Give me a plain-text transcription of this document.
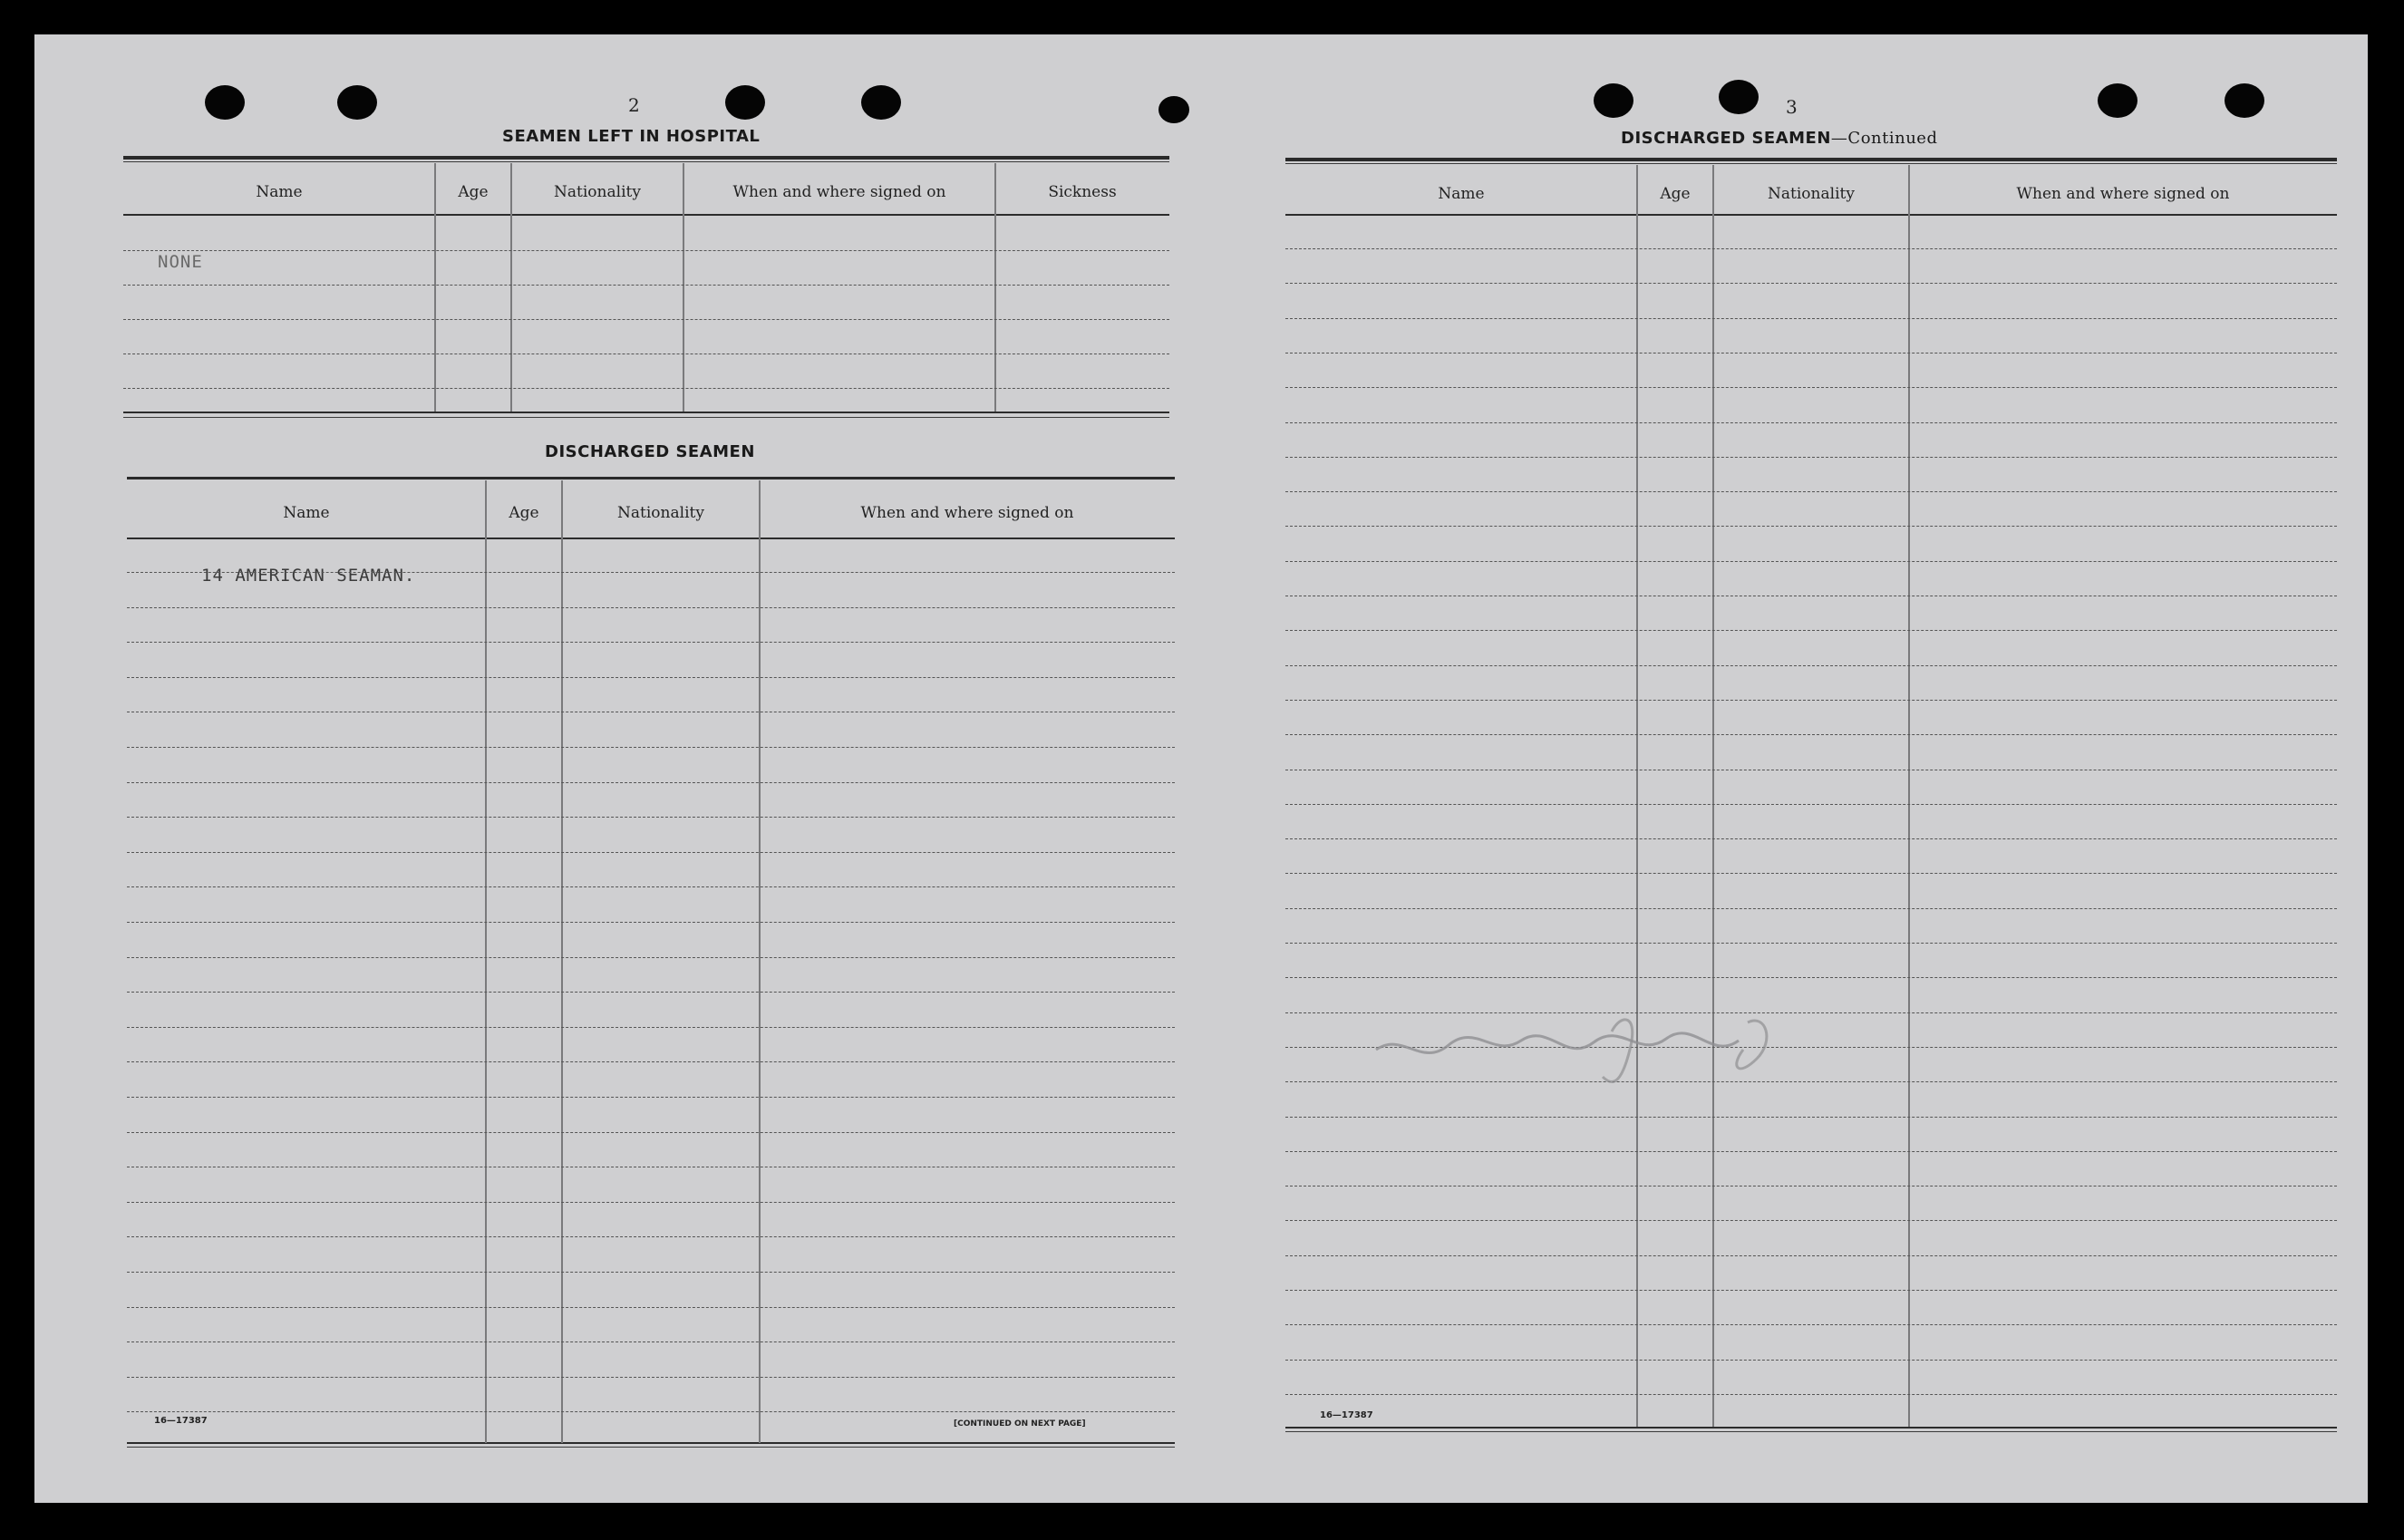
2
SEAMEN LEFT IN HOSPITAL
Name	Age	Nationality	When and where signed on	Sickness
NONE
DISCHARGED SEAMEN
Name	Age	Nationality	When and where signed on
14 AMERICAN SEAMAN.
16—17387	[CONTINUED ON NEXT PAGE]
3
DISCHARGED SEAMEN—Continued
Name	Age	Nationality	When and where signed on
16—17387
